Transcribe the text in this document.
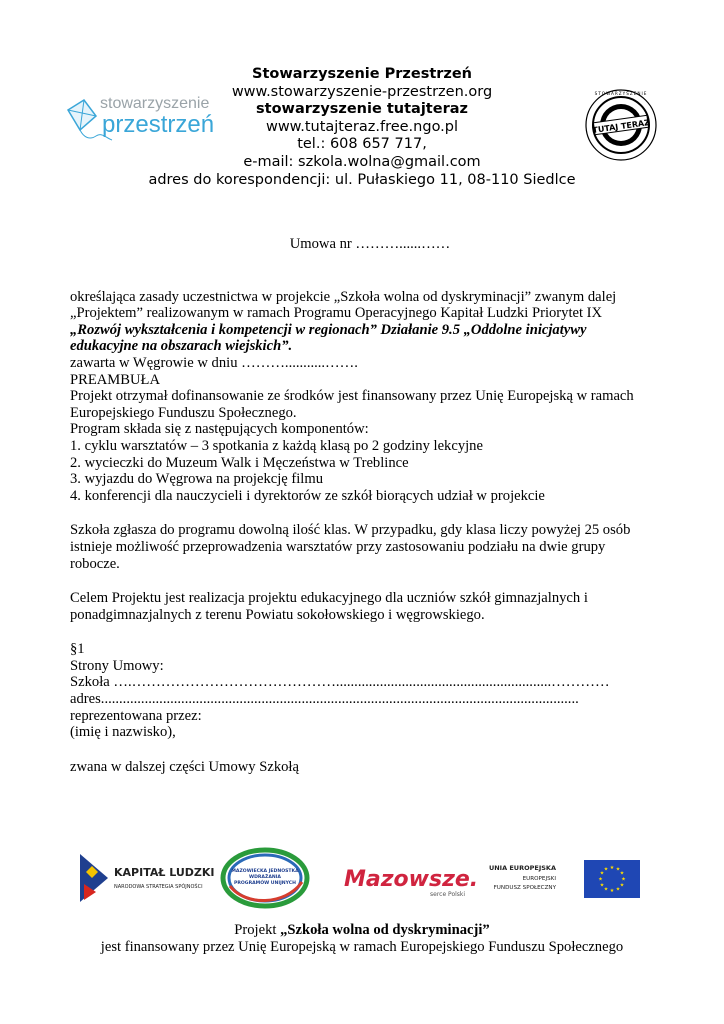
stowarzyszenie
przestrzeń	TUTAJ TERAZ
STOWARZYSZENIE
Stowarzyszenie Przestrzeń
www.stowarzyszenie-przestrzen.org
stowarzyszenie tutajteraz
www.tutajteraz.free.ngo.pl
tel.: 608 657 717,
e-mail: szkola.wolna@gmail.com
adres do korespondencji: ul. Pułaskiego 11, 08-110 Siedlce

Umowa nr ………......……

określająca zasady uczestnictwa w projekcie „Szkoła wolna od dyskryminacji” zwanym dalej

„Projektem” realizowanym w ramach Programu Operacyjnego Kapitał Ludzki Priorytet IX

„Rozwój wykształcenia i kompetencji w regionach” Działanie 9.5 „Oddolne inicjatywy

edukacyjne na obszarach wiejskich”.

zawarta w Węgrowie w dniu ………...........…….

PREAMBUŁA

Projekt otrzymał dofinansowanie ze środków jest finansowany przez Unię Europejską w ramach

Europejskiego Funduszu Społecznego.

Program składa się z następujących komponentów:

1. cyklu warsztatów – 3 spotkania z każdą klasą po 2 godziny lekcyjne

2. wycieczki do Muzeum Walk i Męczeństwa w Treblince

3. wyjazdu do Węgrowa na projekcję filmu

4. konferencji dla nauczycieli i dyrektorów ze szkół biorących udział w projekcie

Szkoła zgłasza do programu dowolną ilość klas. W przypadku, gdy klasa liczy powyżej 25 osób

istnieje możliwość przeprowadzenia warsztatów przy zastosowaniu podziału na dwie grupy

robocze.

Celem Projektu jest realizacja projektu edukacyjnego dla uczniów szkół gimnazjalnych i

ponadgimnazjalnych z terenu Powiatu sokołowskiego i węgrowskiego.

§1

Strony Umowy:

Szkoła ….……………………………………...........................................................…………

adres...................................................................................................................................

reprezentowana przez:

(imię i nazwisko),

zwana w dalszej części Umowy Szkołą

KAPITAŁ LUDZKI
NARODOWA STRATEGIA SPÓJNOŚCI
MAZOWIECKA JEDNOSTKA
WDRAŻANIA
PROGRAMÓW UNIJNYCH Mazowsze.
serce Polski
UNIA EUROPEJSKA
EUROPEJSKI
FUNDUSZ SPOŁECZNY
★ ★
★
★
★
★
★
★
★
★
★
★
Projekt „Szkoła wolna od dyskryminacji”
jest finansowany przez Unię Europejską w ramach Europejskiego Funduszu Społecznego
